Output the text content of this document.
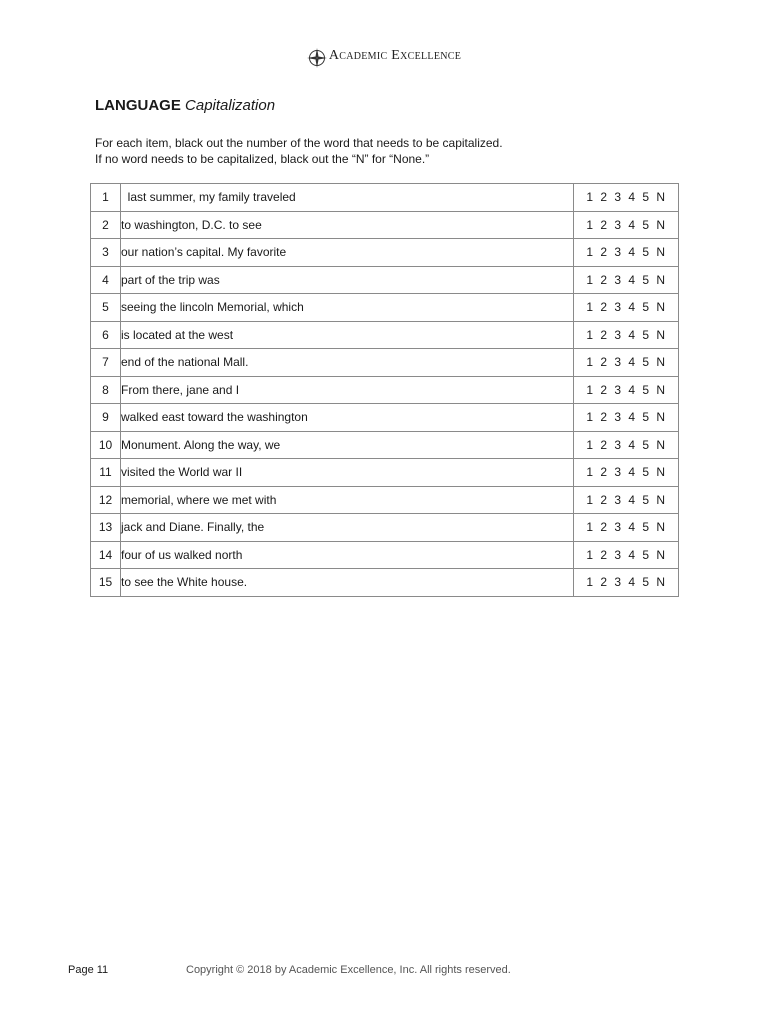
Academic Excellence
LANGUAGE Capitalization
For each item, black out the number of the word that needs to be capitalized.
If no word needs to be capitalized, black out the “N” for “None.”
1	last summer, my family traveled	1 2 3 4 5 N
2	to washington, D.C. to see	1 2 3 4 5 N
3	our nation’s capital. My favorite	1 2 3 4 5 N
4	part of the trip was	1 2 3 4 5 N
5	seeing the lincoln Memorial, which	1 2 3 4 5 N
6	is located at the west	1 2 3 4 5 N
7	end of the national Mall.	1 2 3 4 5 N
8	From there, jane and I	1 2 3 4 5 N
9	walked east toward the washington	1 2 3 4 5 N
10	Monument. Along the way, we	1 2 3 4 5 N
11	visited the World war II	1 2 3 4 5 N
12	memorial, where we met with	1 2 3 4 5 N
13	jack and Diane. Finally, the	1 2 3 4 5 N
14	four of us walked north	1 2 3 4 5 N
15	to see the White house.	1 2 3 4 5 N
Page 11	Copyright © 2018 by Academic Excellence, Inc. All rights reserved.
